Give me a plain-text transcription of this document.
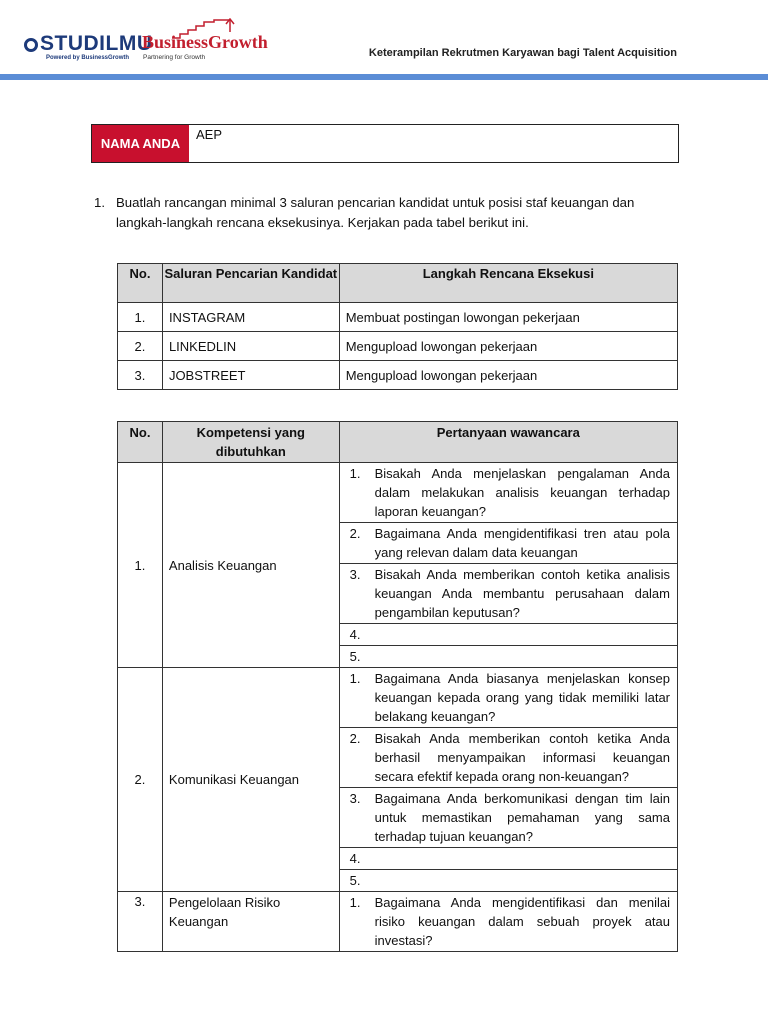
STUDILMU
Powered by BusinessGrowth
BusinessGrowth
Partnering for Growth	Keterampilan Rekrutmen Karyawan bagi Talent Acquisition
NAMA ANDA
AEP
1. Buatlah rancangan minimal 3 saluran pencarian kandidat untuk posisi staf keuangan dan langkah-langkah rencana eksekusinya. Kerjakan pada tabel berikut ini.
No.	Saluran Pencarian Kandidat	Langkah Rencana Eksekusi
1.	INSTAGRAM	Membuat postingan lowongan pekerjaan
2.	LINKEDLIN	Mengupload lowongan pekerjaan
3.	JOBSTREET	Mengupload lowongan pekerjaan
No.	Kompetensi yang dibutuhkan	Pertanyaan wawancara
1.	Analisis Keuangan	1. Bisakah Anda menjelaskan pengalaman Anda dalam melakukan analisis keuangan terhadap laporan keuangan?

		2. Bagaimana Anda mengidentifikasi tren atau pola yang relevan dalam data keuangan

		3. Bisakah Anda memberikan contoh ketika analisis keuangan Anda membantu perusahaan dalam pengambilan keputusan?

		4.

		5.

2.	Komunikasi Keuangan	1. Bagaimana Anda biasanya menjelaskan konsep keuangan kepada orang yang tidak memiliki latar belakang keuangan?

		2. Bisakah Anda memberikan contoh ketika Anda berhasil menyampaikan informasi keuangan secara efektif kepada orang non-keuangan?

		3. Bagaimana Anda berkomunikasi dengan tim lain untuk memastikan pemahaman yang sama terhadap tujuan keuangan?

		4.

		5.

3.	Pengelolaan Risiko Keuangan	1. Bagaimana Anda mengidentifikasi dan menilai risiko keuangan dalam sebuah proyek atau investasi?
